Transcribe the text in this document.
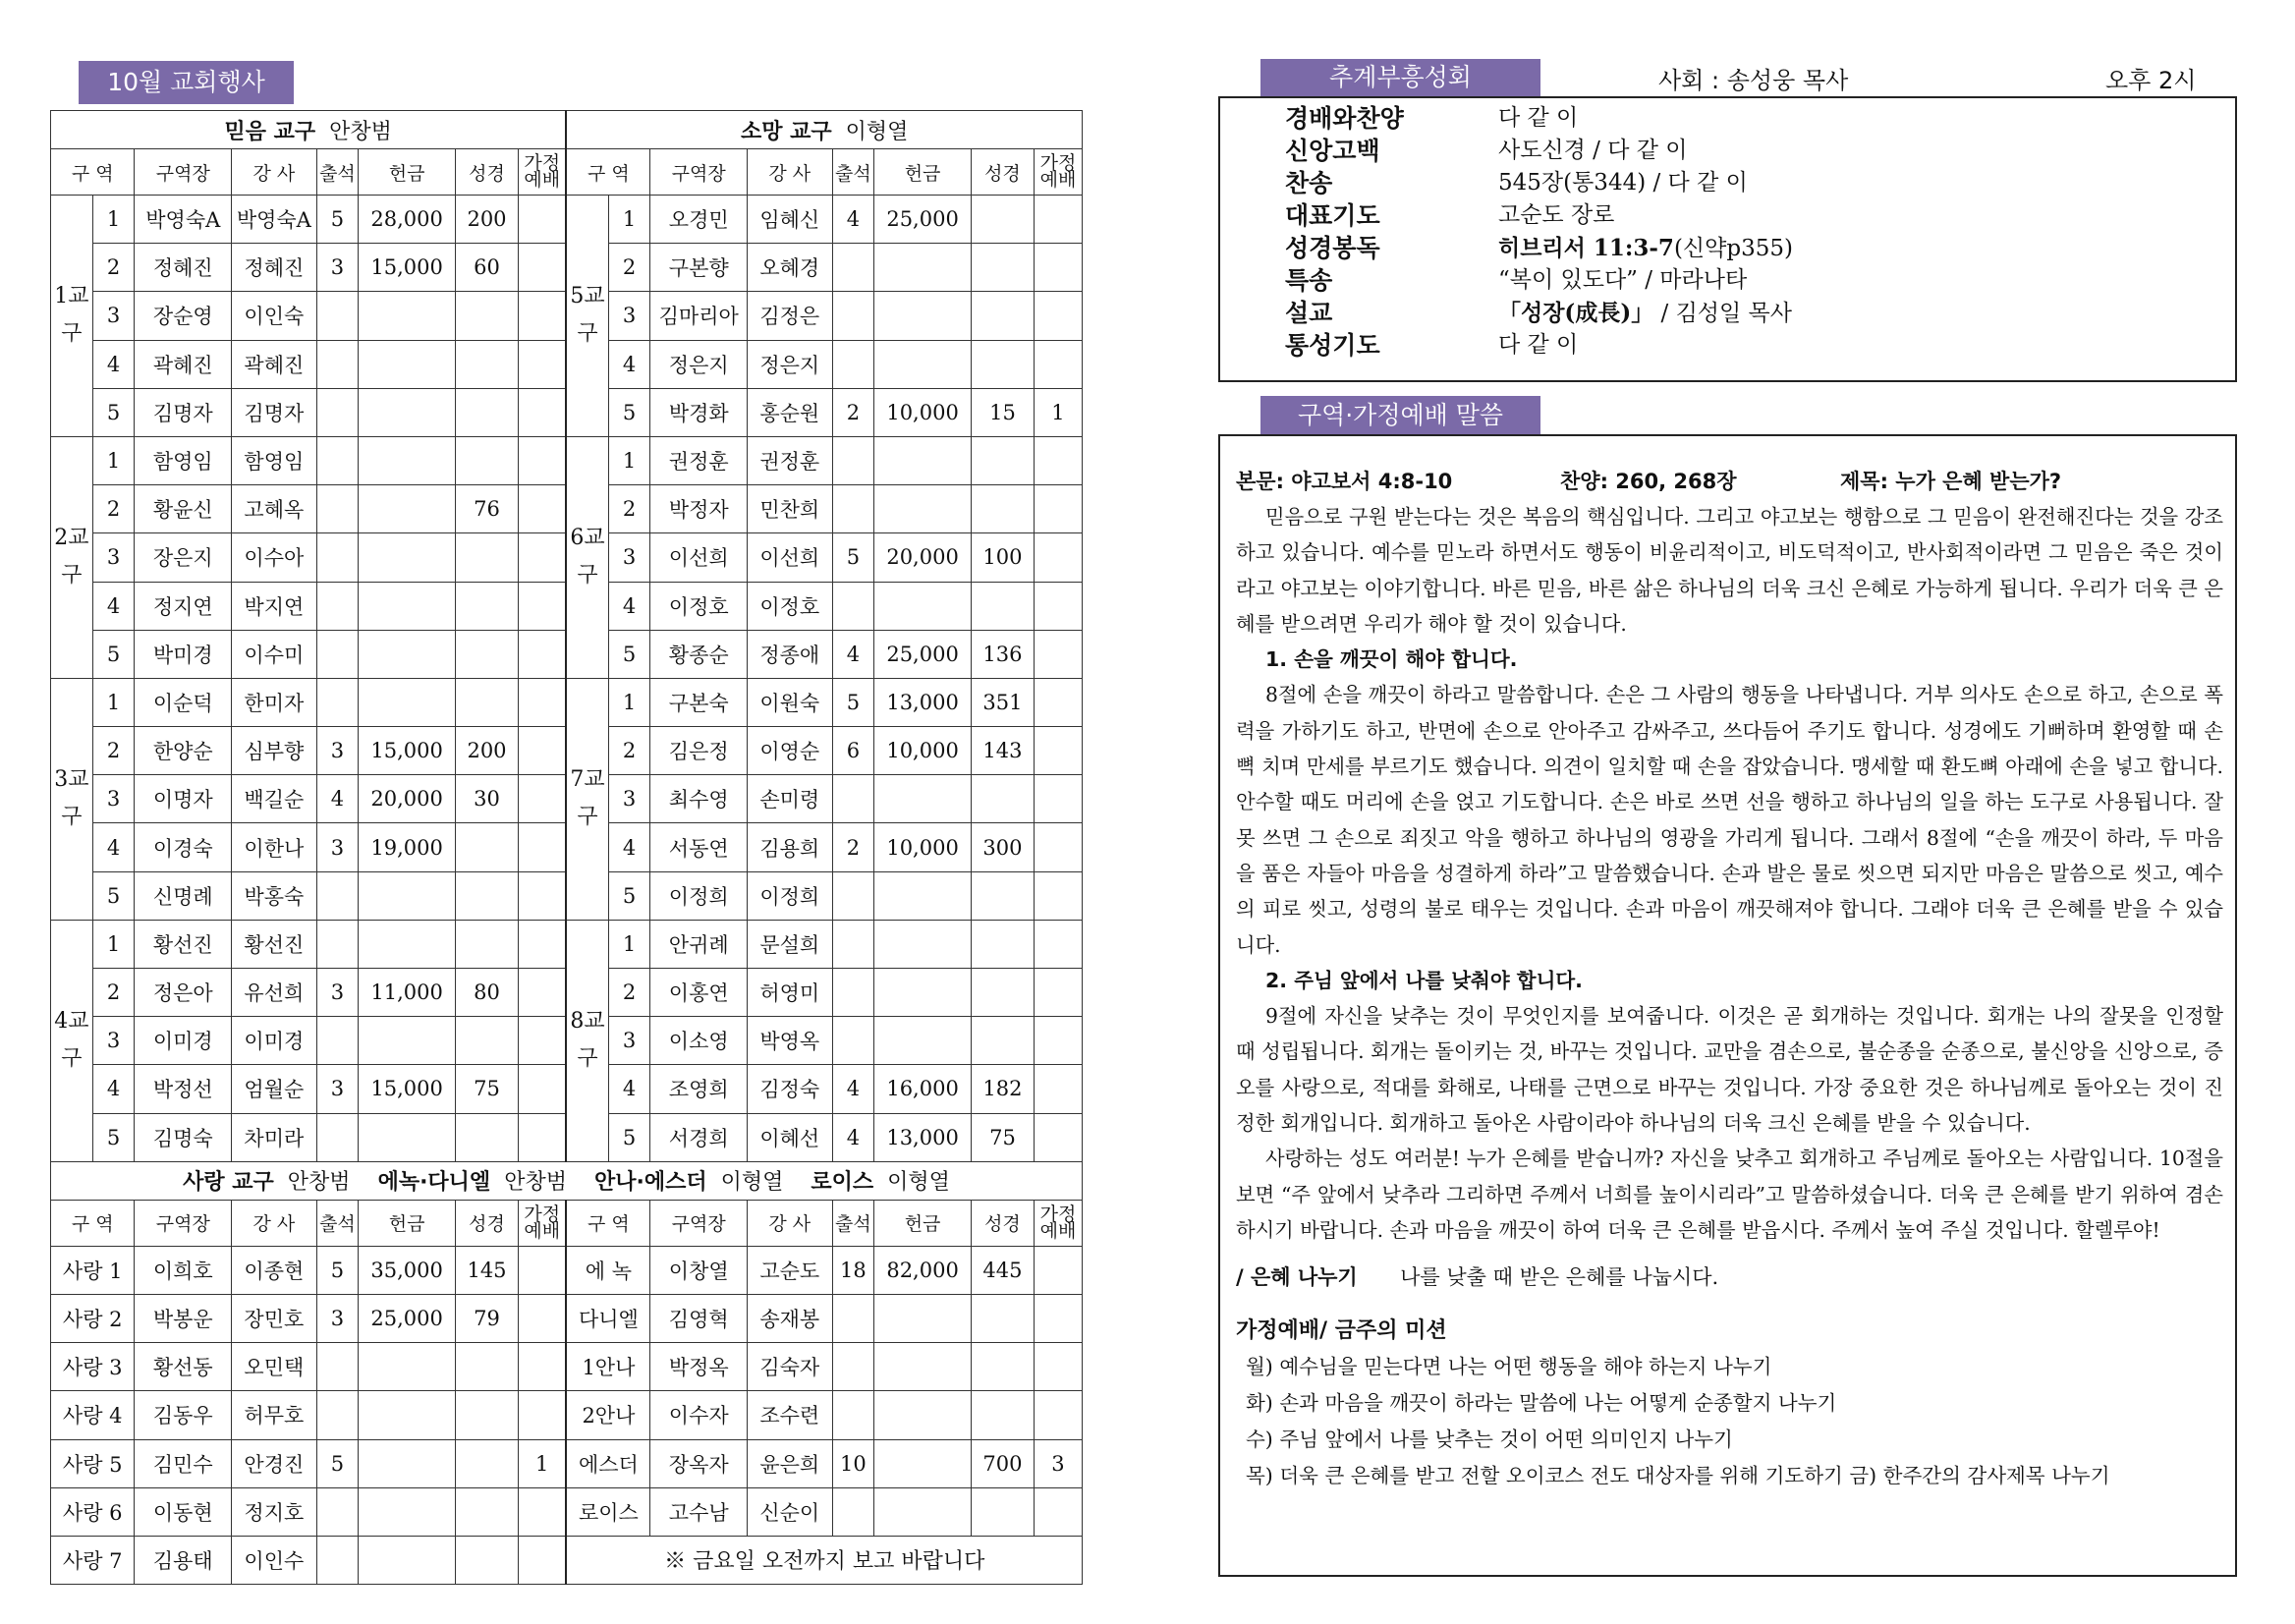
10월 교회행사
믿음 교구 안창범								소망 교구 이형열							
구 역		구역장	강 사	출석	헌금	성경	가정예배	구 역		구역장	강 사	출석	헌금	성경	가정예배
1교구	1	박영숙A	박영숙A	5	28,000	200		5교구	1	오경민	임혜신	4	25,000		
	2	정혜진	정혜진	3	15,000	60			2	구본향	오혜경				
	3	장순영	이인숙						3	김마리아	김정은				
	4	곽혜진	곽혜진						4	정은지	정은지				
	5	김명자	김명자						5	박경화	홍순원	2	10,000	15	1
2교구	1	함영임	함영임					6교구	1	권정훈	권정훈				
	2	황윤신	고혜옥			76			2	박정자	민찬희				
	3	장은지	이수아						3	이선희	이선희	5	20,000	100	
	4	정지연	박지연						4	이정호	이정호				
	5	박미경	이수미						5	황종순	정종애	4	25,000	136	
3교구	1	이순덕	한미자					7교구	1	구본숙	이원숙	5	13,000	351	
	2	한양순	심부향	3	15,000	200			2	김은정	이영순	6	10,000	143	
	3	이명자	백길순	4	20,000	30			3	최수영	손미령				
	4	이경숙	이한나	3	19,000				4	서동연	김용희	2	10,000	300	
	5	신명례	박홍숙						5	이정희	이정희				
4교구	1	황선진	황선진					8교구	1	안귀례	문설희				
	2	정은아	유선희	3	11,000	80			2	이홍연	허영미				
	3	이미경	이미경						3	이소영	박영옥				
	4	박정선	엄월순	3	15,000	75			4	조영희	김정숙	4	16,000	182	
	5	김명숙	차미라						5	서경희	이혜선	4	13,000	75	
사랑 교구 안창범 에녹·다니엘 안창범 안나·에스더 이형열 로이스 이형열															
구 역		구역장	강 사	출석	헌금	성경	가정예배	구 역		구역장	강 사	출석	헌금	성경	가정예배
사랑 1		이희호	이종현	5	35,000	145		에 녹		이창열	고순도	18	82,000	445	
사랑 2		박봉운	장민호	3	25,000	79		다니엘		김영혁	송재봉				
사랑 3		황선동	오민택					1안나		박정옥	김숙자				
사랑 4		김동우	허무호					2안나		이수자	조수련				
사랑 5		김민수	안경진	5			1	에스더		장옥자	윤은희	10		700	3
사랑 6		이동현	정지호					로이스		고수남	신순이				
사랑 7		김용태	이인수					※ 금요일 오전까지 보고 바랍니다							
추계부흥성회	사회 : 송성웅 목사	오후 2시
경배와찬양	다 같 이
신앙고백	사도신경 / 다 같 이
찬송	545장(통344) / 다 같 이
대표기도	고순도 장로
성경봉독	히브리서 11:3-7(신약p355)
특송	“복이 있도다” / 마라나타
설교	「성장(成長)」 / 김성일 목사
통성기도	다 같 이
구역·가정예배 말씀
본문: 야고보서 4:8-10	찬양: 260, 268장	제목: 누가 은혜 받는가?

믿음으로 구원 받는다는 것은 복음의 핵심입니다. 그리고 야고보는 행함으로 그 믿음이 완전해진다는 것을 강조하고 있습니다. 예수를 믿노라 하면서도 행동이 비윤리적이고, 비도덕적이고, 반사회적이라면 그 믿음은 죽은 것이라고 야고보는 이야기합니다. 바른 믿음, 바른 삶은 하나님의 더욱 크신 은혜로 가능하게 됩니다. 우리가 더욱 큰 은혜를 받으려면 우리가 해야 할 것이 있습니다.

1. 손을 깨끗이 해야 합니다.

8절에 손을 깨끗이 하라고 말씀합니다. 손은 그 사람의 행동을 나타냅니다. 거부 의사도 손으로 하고, 손으로 폭력을 가하기도 하고, 반면에 손으로 안아주고 감싸주고, 쓰다듬어 주기도 합니다. 성경에도 기뻐하며 환영할 때 손뼉 치며 만세를 부르기도 했습니다. 의견이 일치할 때 손을 잡았습니다. 맹세할 때 환도뼈 아래에 손을 넣고 합니다. 안수할 때도 머리에 손을 얹고 기도합니다. 손은 바로 쓰면 선을 행하고 하나님의 일을 하는 도구로 사용됩니다. 잘 못 쓰면 그 손으로 죄짓고 악을 행하고 하나님의 영광을 가리게 됩니다. 그래서 8절에 “손을 깨끗이 하라, 두 마음을 품은 자들아 마음을 성결하게 하라”고 말씀했습니다. 손과 발은 물로 씻으면 되지만 마음은 말씀으로 씻고, 예수의 피로 씻고, 성령의 불로 태우는 것입니다. 손과 마음이 깨끗해져야 합니다. 그래야 더욱 큰 은혜를 받을 수 있습니다.

2. 주님 앞에서 나를 낮춰야 합니다.

9절에 자신을 낮추는 것이 무엇인지를 보여줍니다. 이것은 곧 회개하는 것입니다. 회개는 나의 잘못을 인정할 때 성립됩니다. 회개는 돌이키는 것, 바꾸는 것입니다. 교만을 겸손으로, 불순종을 순종으로, 불신앙을 신앙으로, 증오를 사랑으로, 적대를 화해로, 나태를 근면으로 바꾸는 것입니다. 가장 중요한 것은 하나님께로 돌아오는 것이 진정한 회개입니다. 회개하고 돌아온 사람이라야 하나님의 더욱 크신 은혜를 받을 수 있습니다.

사랑하는 성도 여러분! 누가 은혜를 받습니까? 자신을 낮추고 회개하고 주님께로 돌아오는 사람입니다. 10절을 보면 “주 앞에서 낮추라 그리하면 주께서 너희를 높이시리라”고 말씀하셨습니다. 더욱 큰 은혜를 받기 위하여 겸손하시기 바랍니다. 손과 마음을 깨끗이 하여 더욱 큰 은혜를 받읍시다. 주께서 높여 주실 것입니다. 할렐루야!

/ 은혜 나누기 나를 낮출 때 받은 은혜를 나눕시다.
가정예배/ 금주의 미션
월) 예수님을 믿는다면 나는 어떤 행동을 해야 하는지 나누기
화) 손과 마음을 깨끗이 하라는 말씀에 나는 어떻게 순종할지 나누기
수) 주님 앞에서 나를 낮추는 것이 어떤 의미인지 나누기
목) 더욱 큰 은혜를 받고 전할 오이코스 전도 대상자를 위해 기도하기 금) 한주간의 감사제목 나누기
